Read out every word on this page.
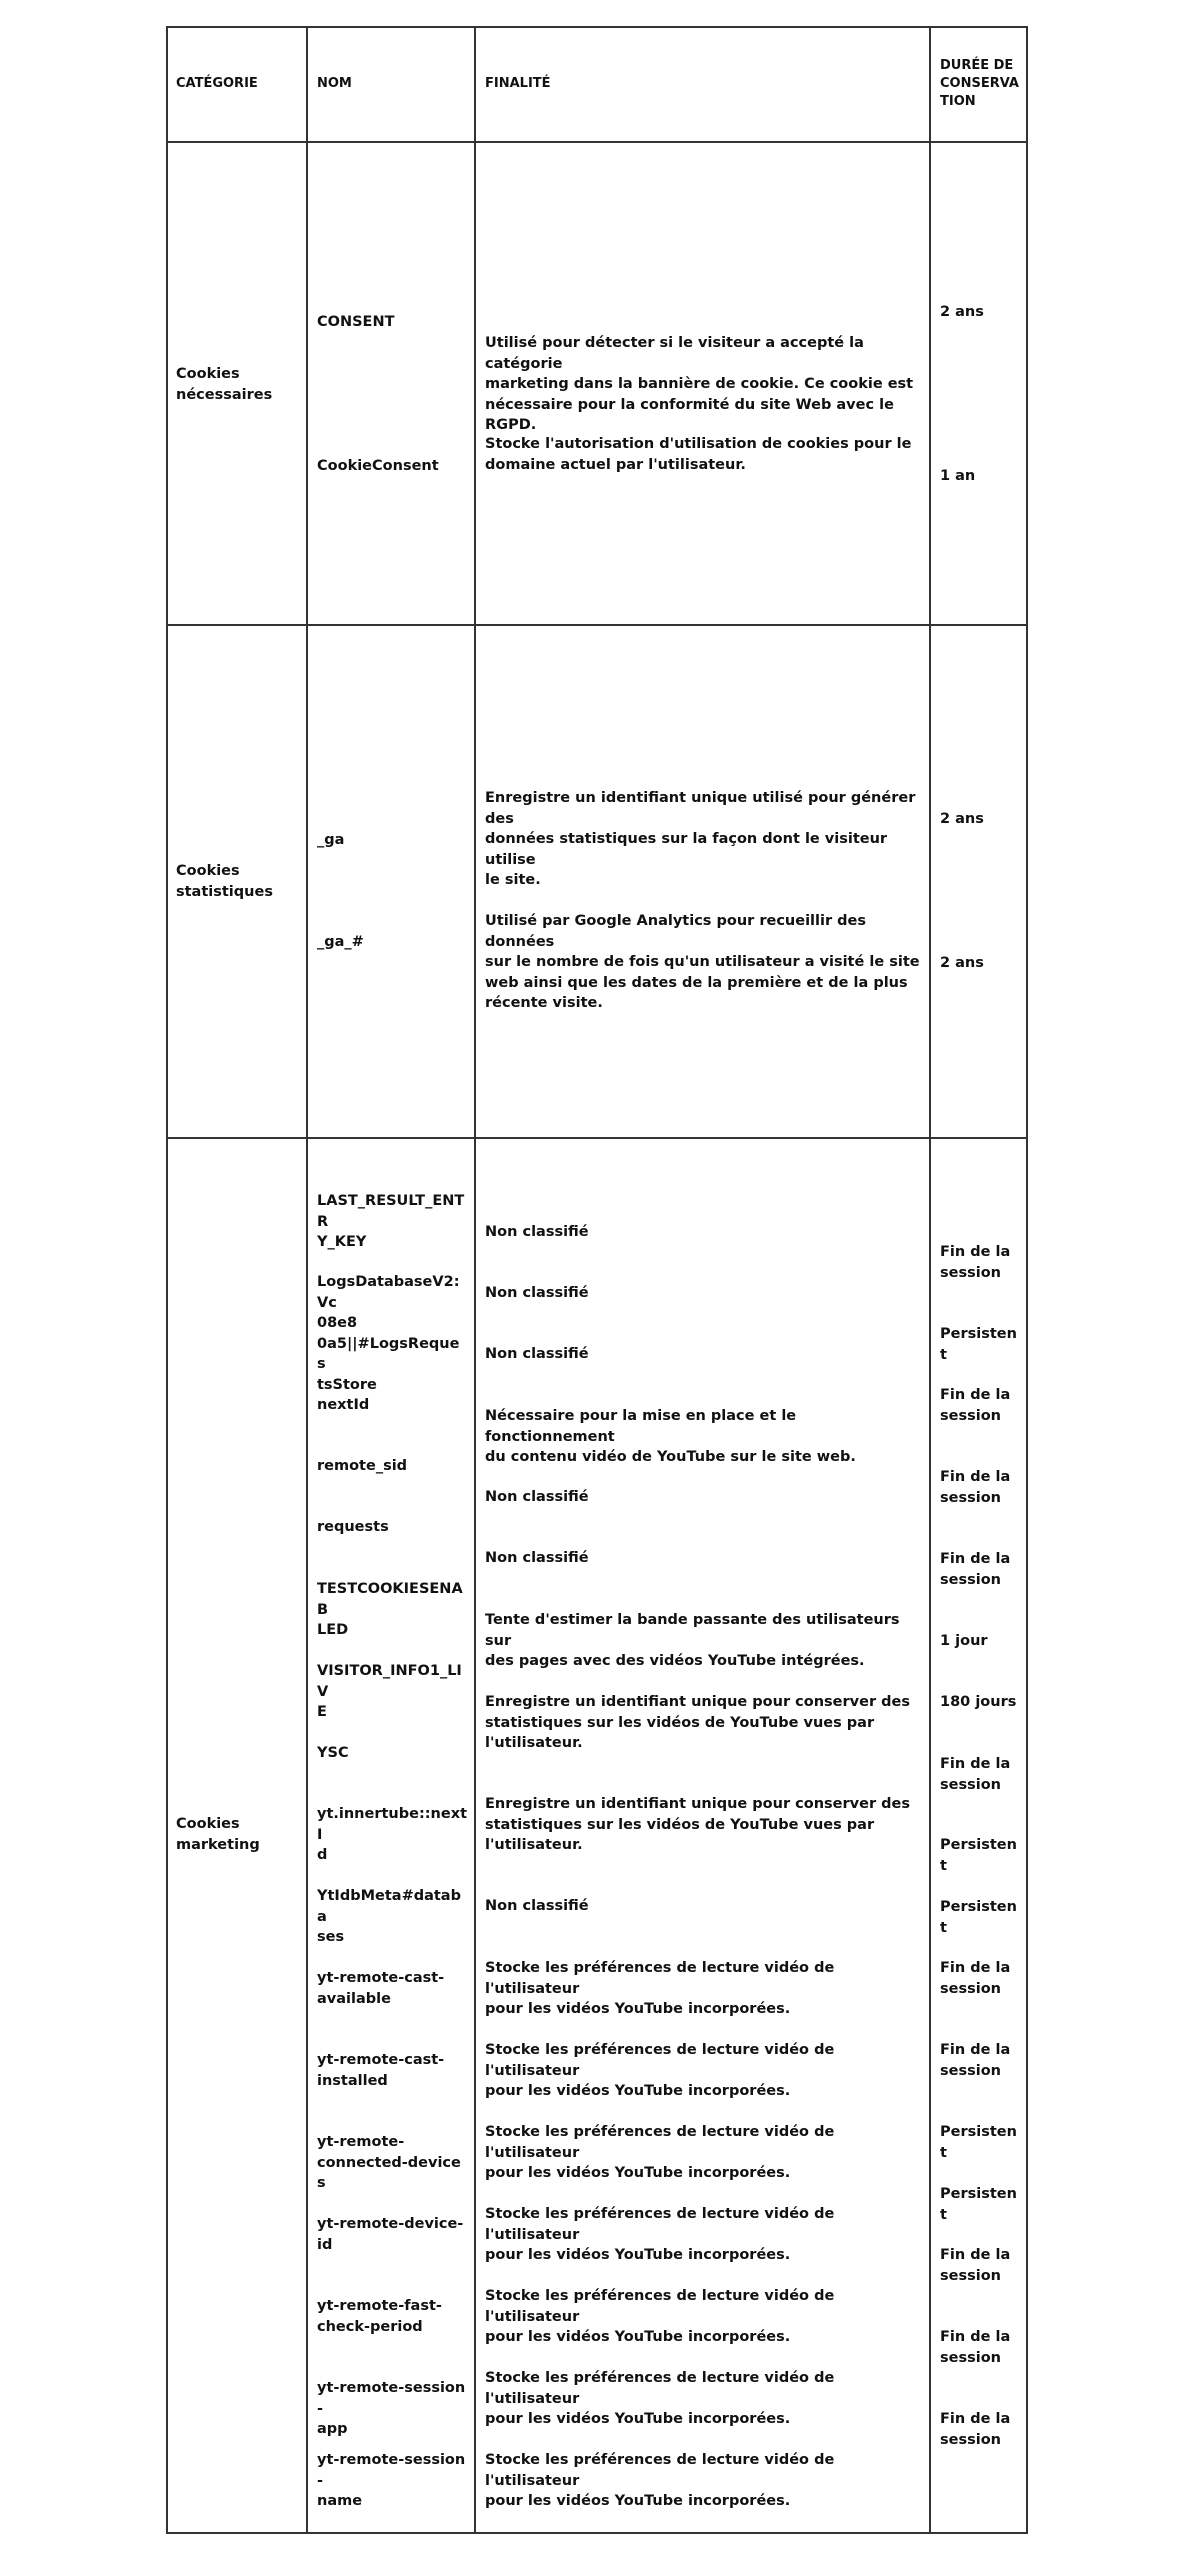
CATÉGORIE	NOM	FINALITÉ
DURÉE DE
CONSERVA
TION
Cookies
nécessaires
CONSENT
CookieConsent
Utilisé pour détecter si le visiteur a accepté la catégorie
marketing dans la bannière de cookie. Ce cookie est
nécessaire pour la conformité du site Web avec le RGPD.
Stocke l'autorisation d'utilisation de cookies pour le
domaine actuel par l'utilisateur.
2 ans
1 an
Cookies
statistiques
_ga
_ga_#
Enregistre un identifiant unique utilisé pour générer des
données statistiques sur la façon dont le visiteur utilise
le site.
Utilisé par Google Analytics pour recueillir des données
sur le nombre de fois qu'un utilisateur a visité le site
web ainsi que les dates de la première et de la plus
récente visite.
2 ans
2 ans
Cookies
marketing
LAST_RESULT_ENTR
Y_KEY
LogsDatabaseV2:Vc
08e8
0a5||#LogsReques
tsStore
nextId
remote_sid
requests
TESTCOOKIESENAB
LED
VISITOR_INFO1_LIV
E
YSC
yt.innertube::nextI
d
YtIdbMeta#databa
ses
yt-remote-cast-
available
yt-remote-cast-
installed
yt-remote-
connected-devices
yt-remote-device-
id
yt-remote-fast-
check-period
yt-remote-session-
app
yt-remote-session-
name
Non classifié
Non classifié
Non classifié
Nécessaire pour la mise en place et le fonctionnement
du contenu vidéo de YouTube sur le site web.
Non classifié
Non classifié
Tente d'estimer la bande passante des utilisateurs sur
des pages avec des vidéos YouTube intégrées.
Enregistre un identifiant unique pour conserver des
statistiques sur les vidéos de YouTube vues par
l'utilisateur.
Enregistre un identifiant unique pour conserver des
statistiques sur les vidéos de YouTube vues par
l'utilisateur.
Non classifié
Stocke les préférences de lecture vidéo de l'utilisateur
pour les vidéos YouTube incorporées.
Stocke les préférences de lecture vidéo de l'utilisateur
pour les vidéos YouTube incorporées.
Stocke les préférences de lecture vidéo de l'utilisateur
pour les vidéos YouTube incorporées.
Stocke les préférences de lecture vidéo de l'utilisateur
pour les vidéos YouTube incorporées.
Stocke les préférences de lecture vidéo de l'utilisateur
pour les vidéos YouTube incorporées.
Stocke les préférences de lecture vidéo de l'utilisateur
pour les vidéos YouTube incorporées.
Stocke les préférences de lecture vidéo de l'utilisateur
pour les vidéos YouTube incorporées.
Fin de la
session
Persistent
Fin de la
session
Fin de la
session
Fin de la
session
1 jour
180 jours
Fin de la
session
Persistent
Persistent
Fin de la
session
Fin de la
session
Persistent
Persistent
Fin de la
session
Fin de la
session
Fin de la
session
